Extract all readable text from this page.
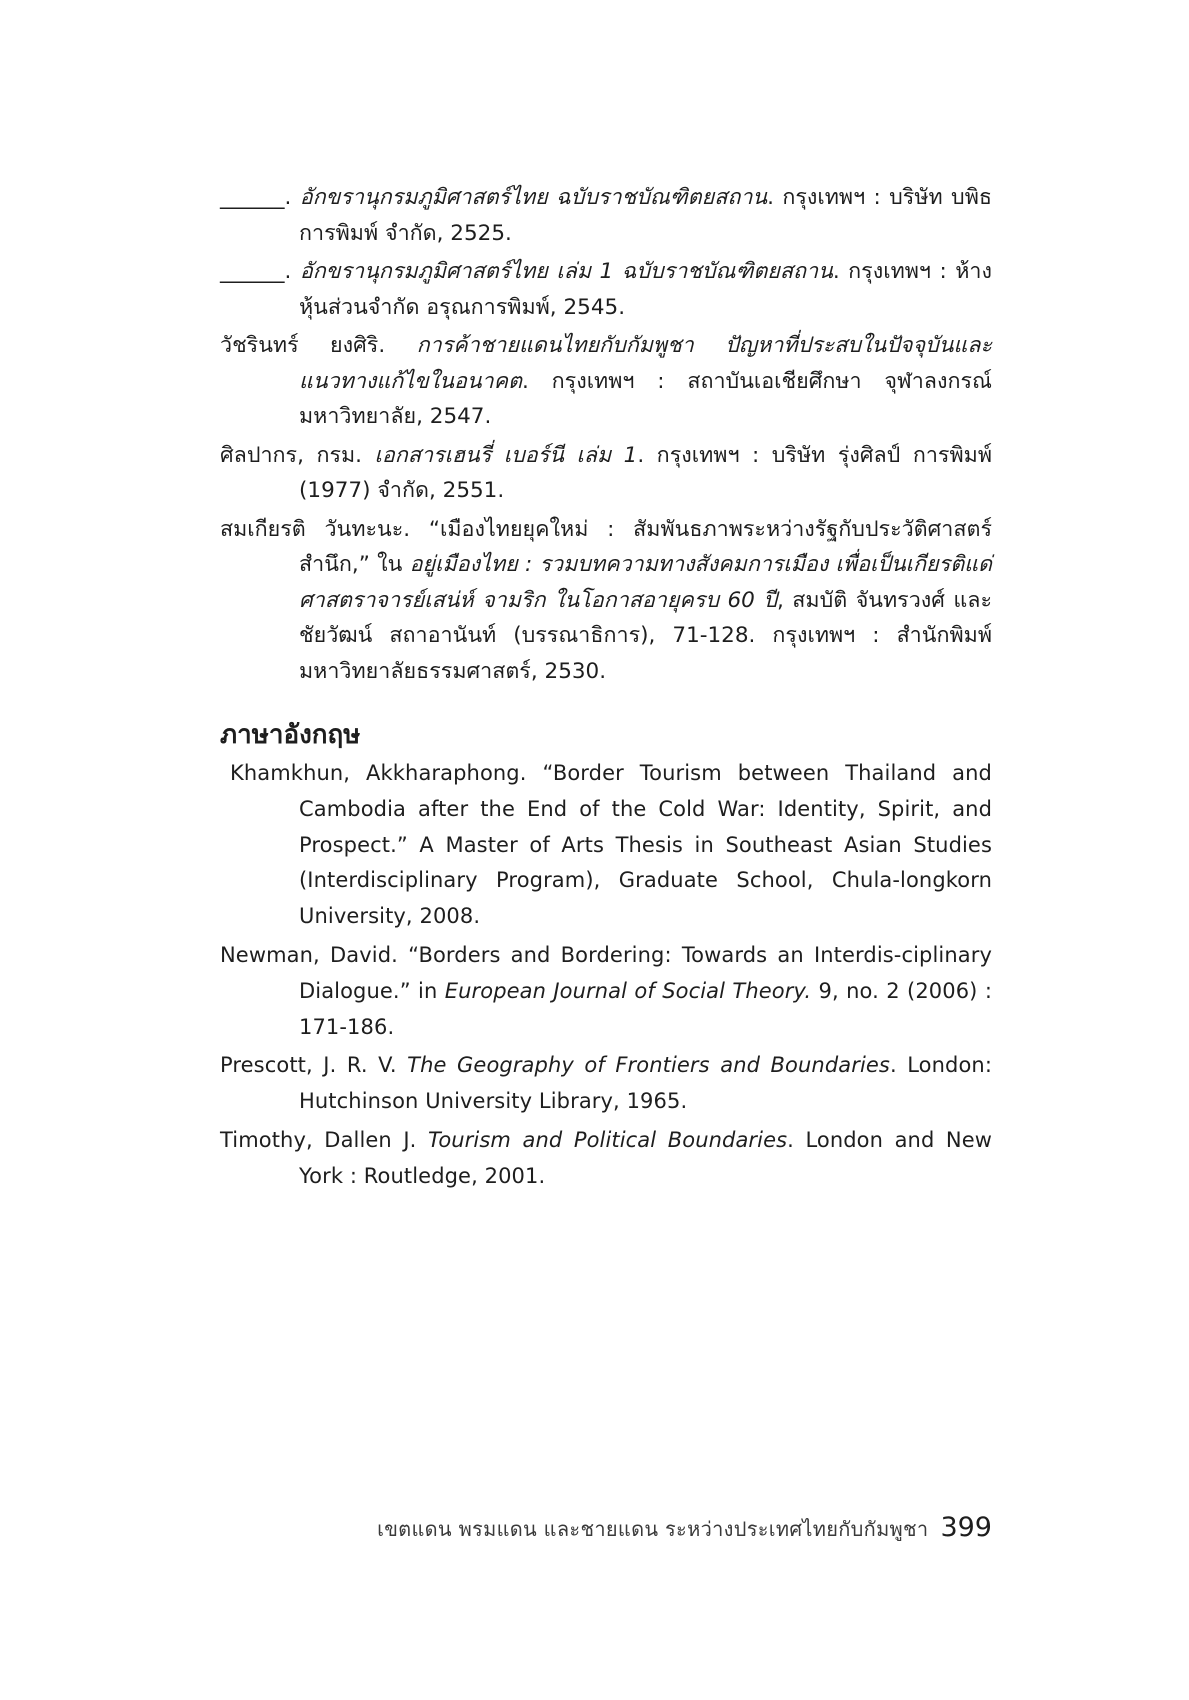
______. อักขรานุกรมภูมิศาสตร์ไทย ฉบับราชบัณฑิตยสถาน. กรุงเทพฯ : บริษัท บพิธการพิมพ์ จำกัด, 2525.

______. อักขรานุกรมภูมิศาสตร์ไทย เล่ม 1 ฉบับราชบัณฑิตยสถาน. กรุงเทพฯ : ห้างหุ้นส่วนจำกัด อรุณการพิมพ์, 2545.

วัชรินทร์ ยงศิริ. การค้าชายแดนไทยกับกัมพูชา ปัญหาที่ประสบในปัจจุบันและแนวทางแก้ไขในอนาคต. กรุงเทพฯ : สถาบันเอเชียศึกษา จุฬาลงกรณ์มหาวิทยาลัย, 2547.

ศิลปากร, กรม. เอกสารเฮนรี่ เบอร์นี เล่ม 1. กรุงเทพฯ : บริษัท รุ่งศิลป์ การพิมพ์ (1977) จำกัด, 2551.

สมเกียรติ วันทะนะ. “เมืองไทยยุคใหม่ : สัมพันธภาพระหว่างรัฐกับประวัติศาสตร์สำนึก,” ใน อยู่เมืองไทย : รวมบทความทางสังคมการเมือง เพื่อเป็นเกียรติแด่ ศาสตราจารย์เสน่ห์ จามริก ในโอกาสอายุครบ 60 ปี, สมบัติ จันทรวงศ์ และ ชัยวัฒน์ สถาอานันท์ (บรรณาธิการ), 71-128. กรุงเทพฯ : สำนักพิมพ์มหาวิทยาลัยธรรมศาสตร์, 2530.

ภาษาอังกฤษ

Khamkhun, Akkharaphong. “Border Tourism between Thailand and Cambodia after the End of the Cold War: Identity, Spirit, and Prospect.” A Master of Arts Thesis in Southeast Asian Studies (Interdisciplinary Program), Graduate School, Chula-longkorn University, 2008.

Newman, David. “Borders and Bordering: Towards an Interdis-ciplinary Dialogue.” in European Journal of Social Theory. 9, no. 2 (2006) : 171-186.

Prescott, J. R. V. The Geography of Frontiers and Boundaries. London: Hutchinson University Library, 1965.

Timothy, Dallen J. Tourism and Political Boundaries. London and New York : Routledge, 2001.

เขตแดน พรมแดน และชายแดน ระหว่างประเทศไทยกับกัมพูชา 399
